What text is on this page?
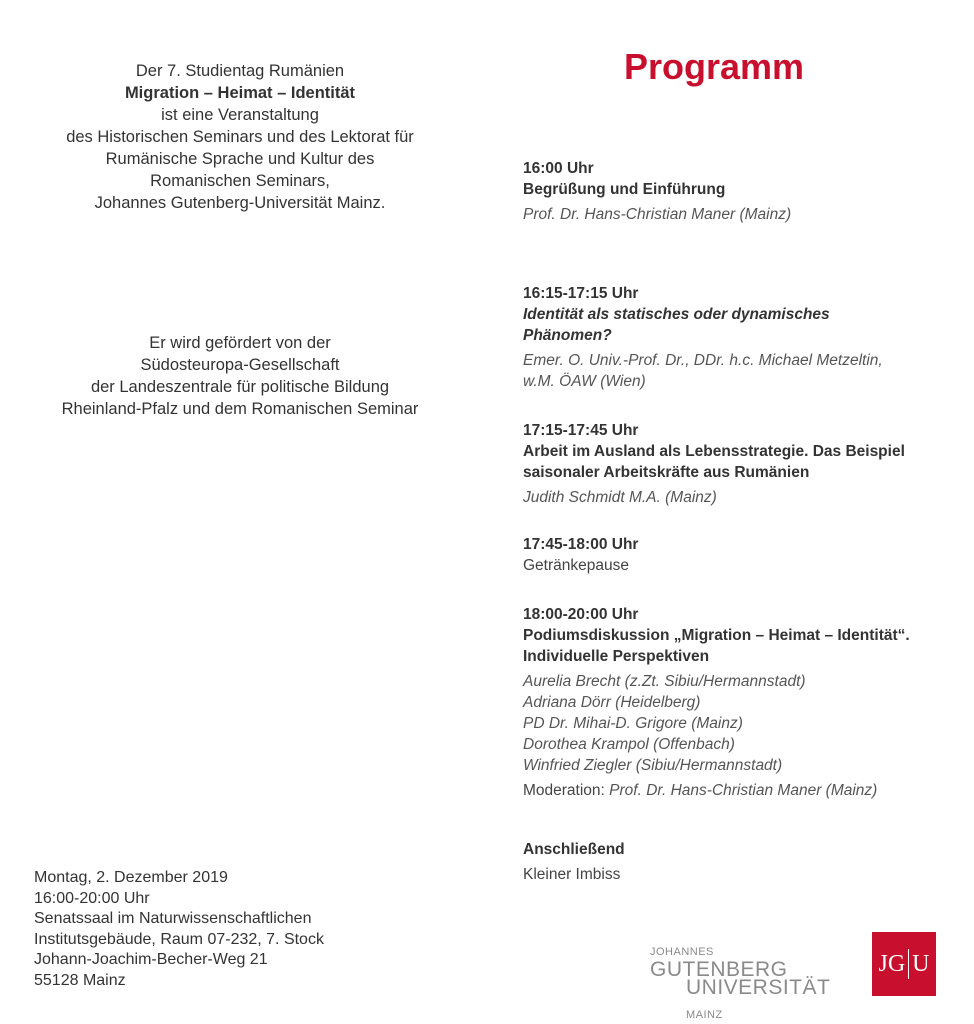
Der 7. Studientag Rumänien
Migration – Heimat – Identität
ist eine Veranstaltung
des Historischen Seminars und des Lektorat für
Rumänische Sprache und Kultur des
Romanischen Seminars,
Johannes Gutenberg-Universität Mainz.
Er wird gefördert von der
Südosteuropa-Gesellschaft
der Landeszentrale für politische Bildung
Rheinland-Pfalz und dem Romanischen Seminar
Montag, 2. Dezember 2019
16:00-20:00 Uhr
Senatssaal im Naturwissenschaftlichen
Institutsgebäude, Raum 07-232, 7. Stock
Johann-Joachim-Becher-Weg 21
55128 Mainz
Programm
16:00 Uhr
Begrüßung und Einführung
Prof. Dr. Hans-Christian Maner (Mainz)
16:15-17:15 Uhr
Identität als statisches oder dynamisches
Phänomen?
Emer. O. Univ.-Prof. Dr., DDr. h.c. Michael Metzeltin,
w.M. ÖAW (Wien)
17:15-17:45 Uhr
Arbeit im Ausland als Lebensstrategie. Das Beispiel
saisonaler Arbeitskräfte aus Rumänien
Judith Schmidt M.A. (Mainz)
17:45-18:00 Uhr
Getränkepause
18:00-20:00 Uhr
Podiumsdiskussion „Migration – Heimat – Identität“.
Individuelle Perspektiven
Aurelia Brecht (z.Zt. Sibiu/Hermannstadt)
Adriana Dörr (Heidelberg)
PD Dr. Mihai-D. Grigore (Mainz)
Dorothea Krampol (Offenbach)
Winfried Ziegler (Sibiu/Hermannstadt)
Moderation: Prof. Dr. Hans-Christian Maner (Mainz)
Anschließend
Kleiner Imbiss
JOHANNES GUTENBERG
UNIVERSITÄT MAINZ
JG U
